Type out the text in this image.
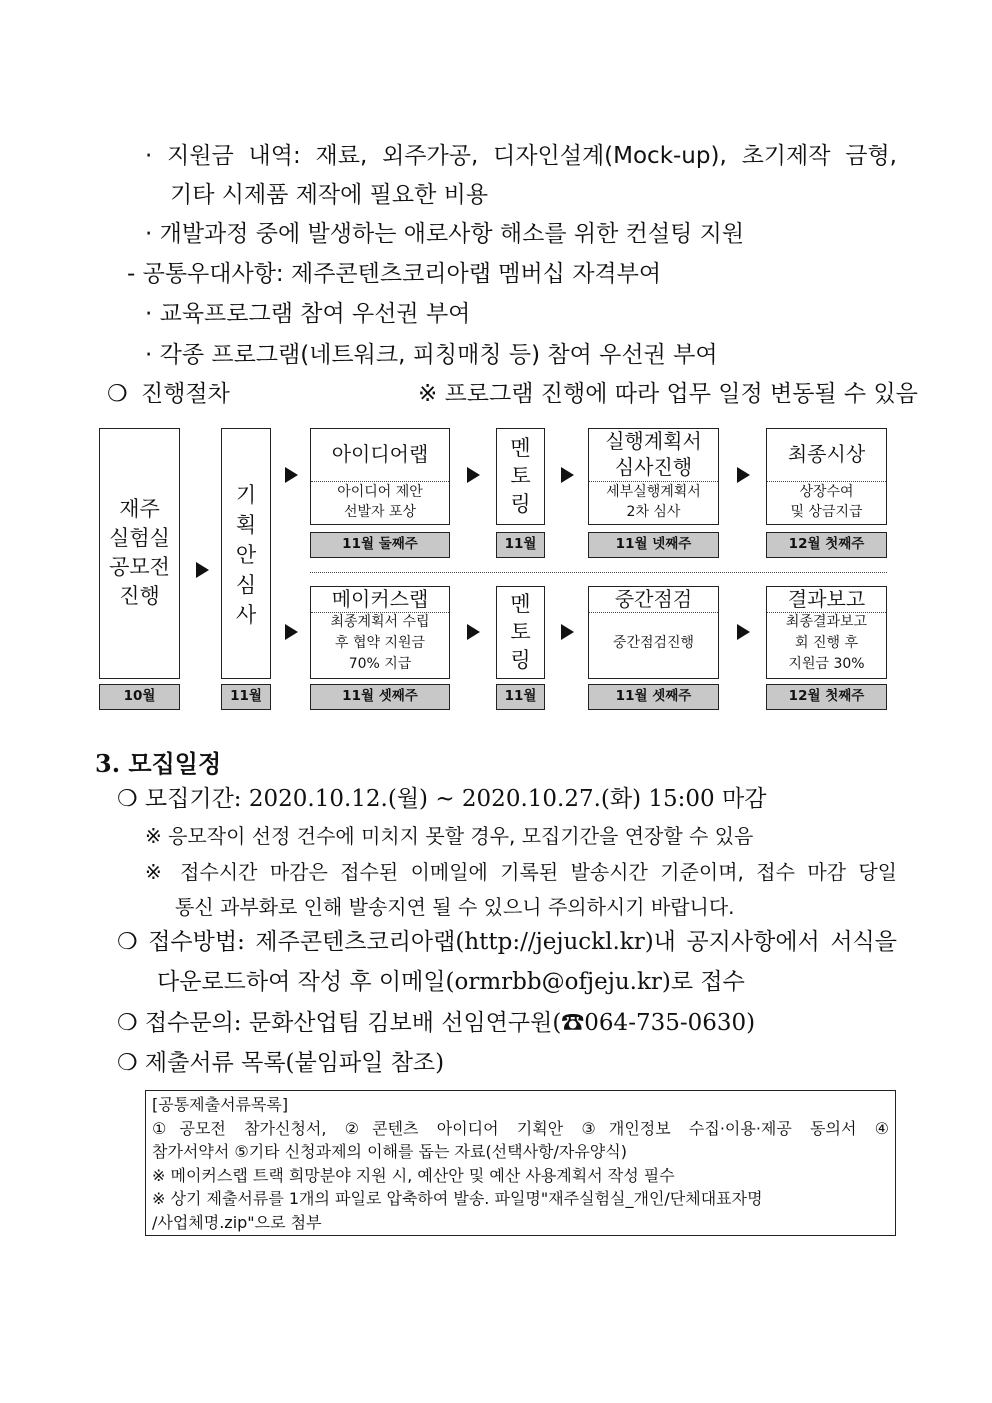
· 지원금 내역: 재료, 외주가공, 디자인설계(Mock-up), 초기제작 금형,
기타 시제품 제작에 필요한 비용
· 개발과정 중에 발생하는 애로사항 해소를 위한 컨설팅 지원
- 공통우대사항: 제주콘텐츠코리아랩 멤버십 자격부여
· 교육프로그램 참여 우선권 부여
· 각종 프로그램(네트워크, 피칭매칭 등) 참여 우선권 부여
❍ 진행절차	※ 프로그램 진행에 따라 업무 일정 변동될 수 있음
재주
실험실
공모전
진행
10월
기
획
안
심
사
11월
아이디어랩
아이디어 제안
선발자 포상
11월 둘째주
멘
토
링
11월
실행계획서
심사진행
세부실행계획서
2차 심사
11월 넷째주
최종시상
상장수여
및 상금지급
12월 첫째주
메이커스랩
최종계획서 수립
후 협약 지원금
70% 지급
11월 셋째주
멘
토
링
11월
중간점검
중간점검진행
11월 셋째주
결과보고
최종결과보고
회 진행 후
지원금 30%
12월 첫째주
3. 모집일정
❍ 모집기간: 2020.10.12.(월) ~ 2020.10.27.(화) 15:00 마감
※ 응모작이 선정 건수에 미치지 못할 경우, 모집기간을 연장할 수 있음
※ 접수시간 마감은 접수된 이메일에 기록된 발송시간 기준이며, 접수 마감 당일
통신 과부화로 인해 발송지연 될 수 있으니 주의하시기 바랍니다.
❍ 접수방법: 제주콘텐츠코리아랩(http://jejuckl.kr)내 공지사항에서 서식을
다운로드하여 작성 후 이메일(ormrbb@ofjeju.kr)로 접수
❍ 접수문의: 문화산업팀 김보배 선임연구원(☎064-735-0630)
❍ 제출서류 목록(붙임파일 참조)
[공통제출서류목록]
①공모전 참가신청서, ②콘텐츠 아이디어 기획안 ③개인정보 수집·이용·제공 동의서 ④
참가서약서 ⑤기타 신청과제의 이해를 돕는 자료(선택사항/자유양식)
※ 메이커스랩 트랙 희망분야 지원 시, 예산안 및 예산 사용계획서 작성 필수
※ 상기 제출서류를 1개의 파일로 압축하여 발송. 파일명"재주실험실_개인/단체대표자명
/사업체명.zip"으로 첨부
